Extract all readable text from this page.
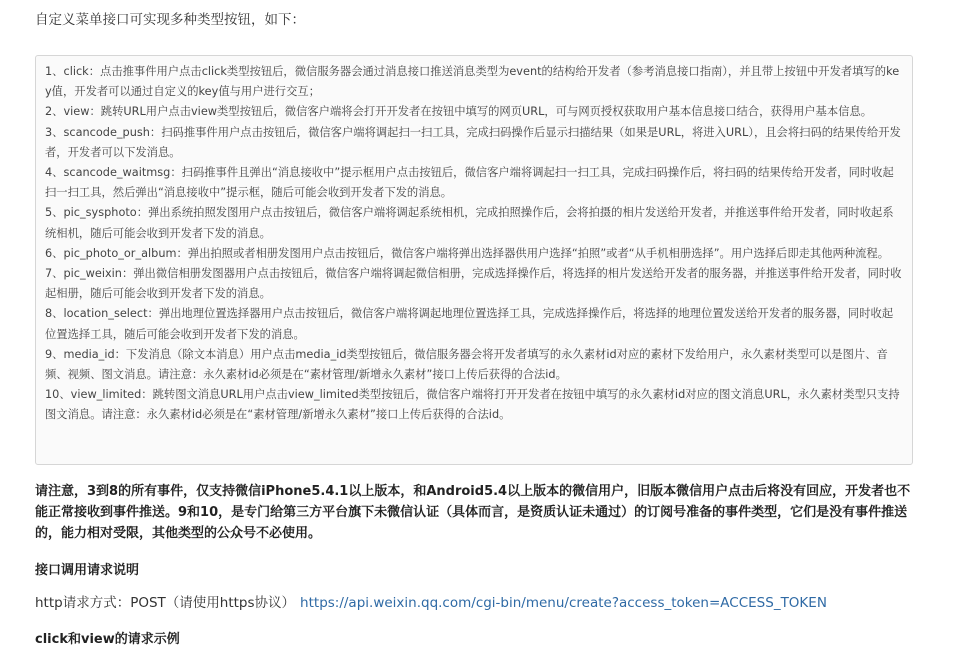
自定义菜单接口可实现多种类型按钮，如下：

1、click：点击推事件用户点击click类型按钮后，微信服务器会通过消息接口推送消息类型为event的结构给开发者（参考消息接口指南），并且带上按钮中开发者填写的key值，开发者可以通过自定义的key值与用户进行交互；

2、view：跳转URL用户点击view类型按钮后，微信客户端将会打开开发者在按钮中填写的网页URL，可与网页授权获取用户基本信息接口结合，获得用户基本信息。

3、scancode_push：扫码推事件用户点击按钮后，微信客户端将调起扫一扫工具，完成扫码操作后显示扫描结果（如果是URL，将进入URL），且会将扫码的结果传给开发者，开发者可以下发消息。

4、scancode_waitmsg：扫码推事件且弹出“消息接收中”提示框用户点击按钮后，微信客户端将调起扫一扫工具，完成扫码操作后，将扫码的结果传给开发者，同时收起扫一扫工具，然后弹出“消息接收中”提示框，随后可能会收到开发者下发的消息。

5、pic_sysphoto：弹出系统拍照发图用户点击按钮后，微信客户端将调起系统相机，完成拍照操作后，会将拍摄的相片发送给开发者，并推送事件给开发者，同时收起系统相机，随后可能会收到开发者下发的消息。

6、pic_photo_or_album：弹出拍照或者相册发图用户点击按钮后，微信客户端将弹出选择器供用户选择“拍照”或者“从手机相册选择”。用户选择后即走其他两种流程。

7、pic_weixin：弹出微信相册发图器用户点击按钮后，微信客户端将调起微信相册，完成选择操作后，将选择的相片发送给开发者的服务器，并推送事件给开发者，同时收起相册，随后可能会收到开发者下发的消息。

8、location_select：弹出地理位置选择器用户点击按钮后，微信客户端将调起地理位置选择工具，完成选择操作后，将选择的地理位置发送给开发者的服务器，同时收起位置选择工具，随后可能会收到开发者下发的消息。

9、media_id：下发消息（除文本消息）用户点击media_id类型按钮后，微信服务器会将开发者填写的永久素材id对应的素材下发给用户，永久素材类型可以是图片、音频、视频、图文消息。请注意：永久素材id必须是在“素材管理/新增永久素材”接口上传后获得的合法id。

10、view_limited：跳转图文消息URL用户点击view_limited类型按钮后，微信客户端将打开开发者在按钮中填写的永久素材id对应的图文消息URL，永久素材类型只支持图文消息。请注意：永久素材id必须是在“素材管理/新增永久素材”接口上传后获得的合法id。

请注意，3到8的所有事件，仅支持微信iPhone5.4.1以上版本，和Android5.4以上版本的微信用户，旧版本微信用户点击后将没有回应，开发者也不能正常接收到事件推送。9和10，是专门给第三方平台旗下未微信认证（具体而言，是资质认证未通过）的订阅号准备的事件类型，它们是没有事件推送的，能力相对受限，其他类型的公众号不必使用。
接口调用请求说明
http请求方式：POST（请使用https协议） https://api.weixin.qq.com/cgi-bin/menu/create?access_token=ACCESS_TOKEN
click和view的请求示例
